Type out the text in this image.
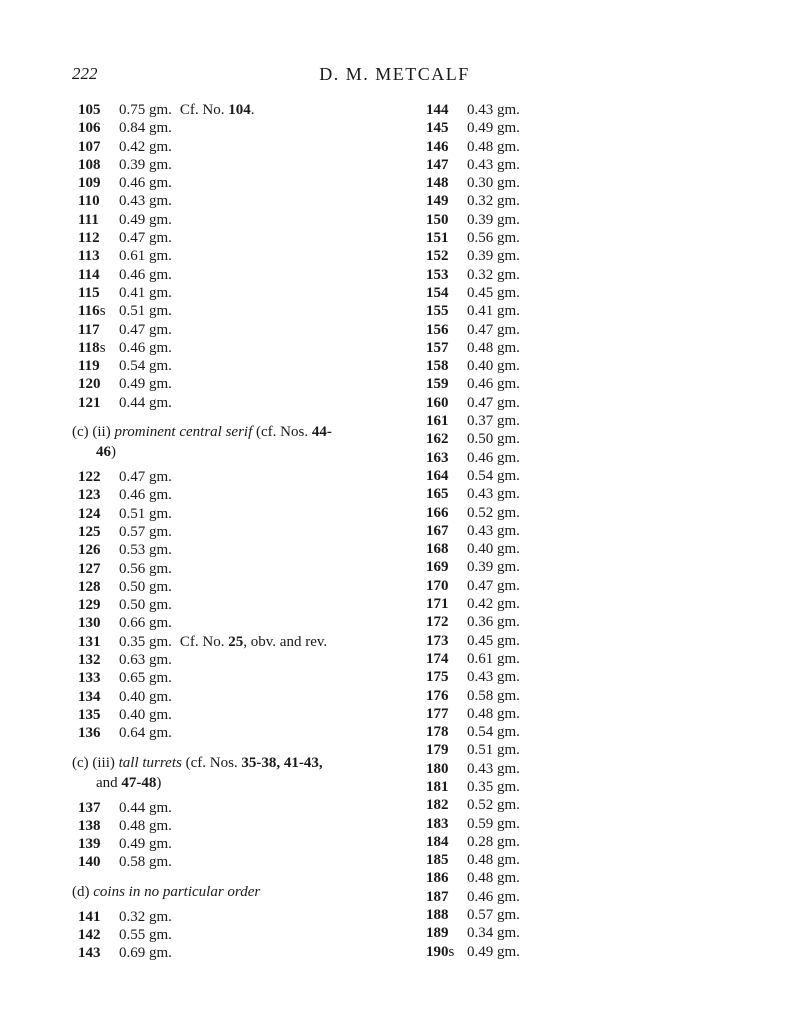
222	D. M. METCALF
105	0.75 gm. Cf. No. 104.
106	0.84 gm.
107	0.42 gm.
108	0.39 gm.
109	0.46 gm.
110	0.43 gm.
111	0.49 gm.
112	0.47 gm.
113	0.61 gm.
114	0.46 gm.
115	0.41 gm.
116s 0.51 gm.
117	0.47 gm.
118s 0.46 gm.
119	0.54 gm.
120	0.49 gm.
121	0.44 gm.
(c) (ii) prominent central serif (cf. Nos. 44-
46)
122	0.47 gm.
123	0.46 gm.
124	0.51 gm.
125	0.57 gm.
126	0.53 gm.
127	0.56 gm.
128	0.50 gm.
129	0.50 gm.
130	0.66 gm.
131	0.35 gm. Cf. No. 25, obv. and rev.
132	0.63 gm.
133	0.65 gm.
134	0.40 gm.
135	0.40 gm.
136	0.64 gm.
(c) (iii) tall turrets (cf. Nos. 35-38, 41-43,
and 47-48)
137	0.44 gm.
138	0.48 gm.
139	0.49 gm.
140	0.58 gm.
(d) coins in no particular order
141	0.32 gm.
142	0.55 gm.
143	0.69 gm.
144	0.43 gm.
145	0.49 gm.
146	0.48 gm.
147	0.43 gm.
148	0.30 gm.
149	0.32 gm.
150	0.39 gm.
151	0.56 gm.
152	0.39 gm.
153	0.32 gm.
154	0.45 gm.
155	0.41 gm.
156	0.47 gm.
157	0.48 gm.
158	0.40 gm.
159	0.46 gm.
160	0.47 gm.
161	0.37 gm.
162	0.50 gm.
163	0.46 gm.
164	0.54 gm.
165	0.43 gm.
166	0.52 gm.
167	0.43 gm.
168	0.40 gm.
169	0.39 gm.
170	0.47 gm.
171	0.42 gm.
172	0.36 gm.
173	0.45 gm.
174	0.61 gm.
175	0.43 gm.
176	0.58 gm.
177	0.48 gm.
178	0.54 gm.
179	0.51 gm.
180	0.43 gm.
181	0.35 gm.
182	0.52 gm.
183	0.59 gm.
184	0.28 gm.
185	0.48 gm.
186	0.48 gm.
187	0.46 gm.
188	0.57 gm.
189	0.34 gm.
190s 0.49 gm.
